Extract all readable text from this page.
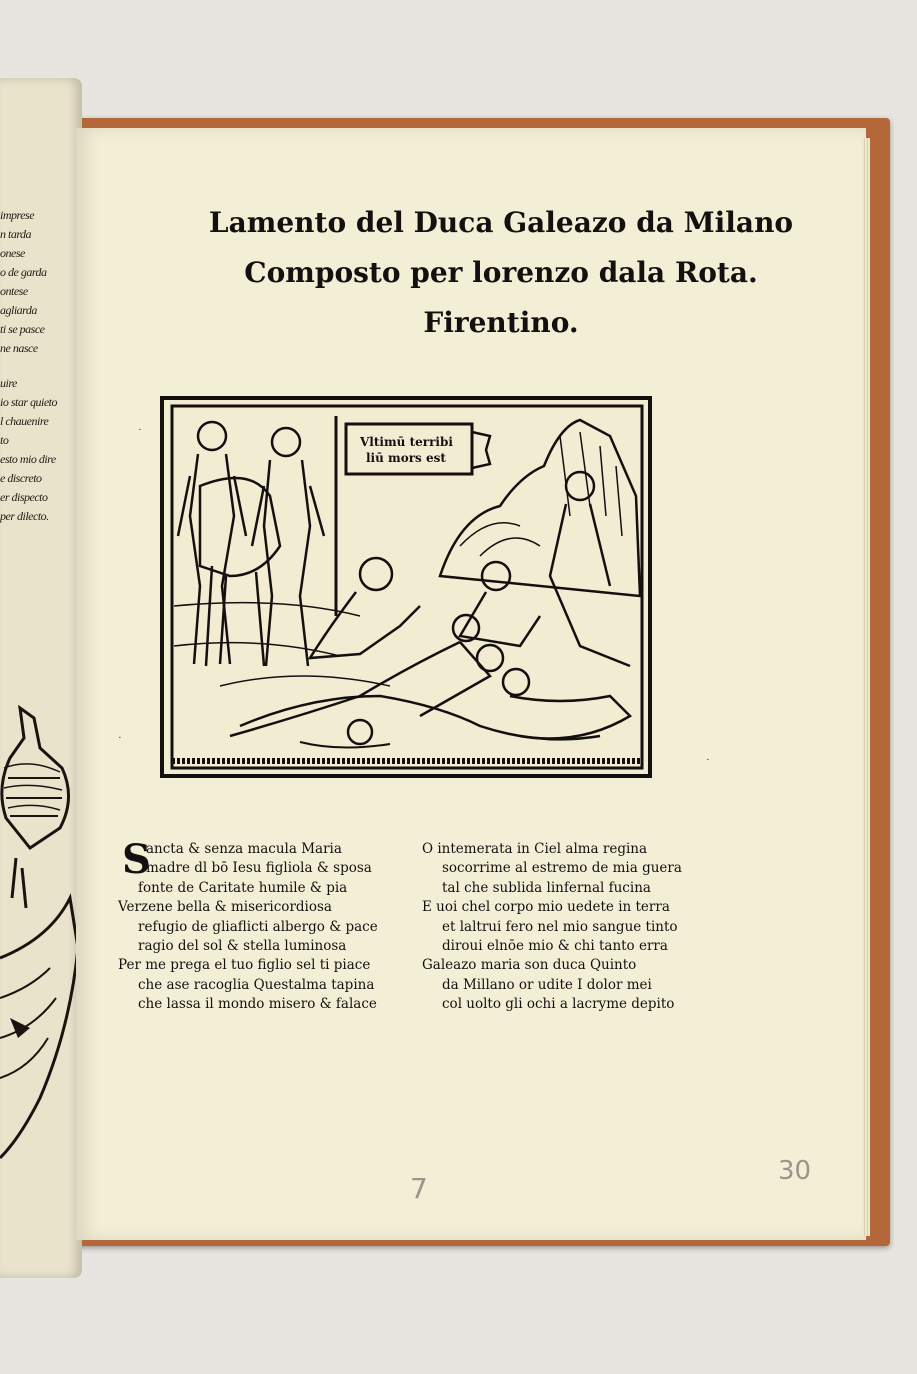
imprese
n tarda
onese
o de garda
ontese
agliarda
ti se pasce
ne nasce
uire
io star quieto
l chauenire
to
esto mio dire
e discreto
er dispecto
per dilecto.
Lamento del Duca Galeazo da Milano
Composto per lorenzo dala Rota.
Firentino.
·
·
·
Vltimū terribi
liū mors est
S
ancta & senza macula Maria
madre dl bō Iesu figliola & sposa
fonte de Caritate humile & pia
Verzene bella & misericordiosa
refugio de gliaflicti albergo & pace
ragio del sol & stella luminosa
Per me prega el tuo figlio sel ti piace
che ase racoglia Questalma tapina
che lassa il mondo misero & falace
O intemerata in Ciel alma regina
socorrime al estremo de mia guera
tal che sublida linfernal fucina
E uoi chel corpo mio uedete in terra
et laltrui fero nel mio sangue tinto
diroui elnōe mio & chi tanto erra
Galeazo maria son duca Quinto
da Millano or udite I dolor mei
col uolto gli ochi a lacryme depito
7
30
